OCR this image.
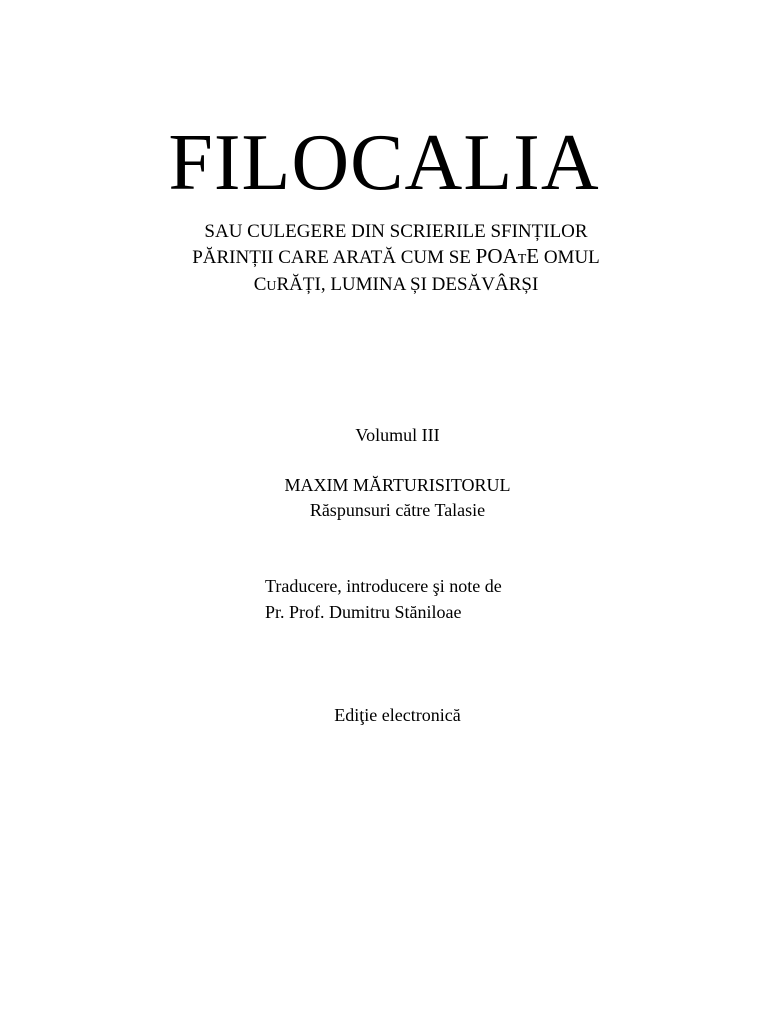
FILOCALIA
SAU CULEGERE DIN SCRIERILE SFINȚILOR
PĂRINȚII CARE ARATĂ CUM SE POATE OMUL
CURĂȚI, LUMINA ȘI DESĂVÂRȘI
Volumul III
MAXIM MĂRTURISITORUL
Răspunsuri către Talasie
Traducere, introducere şi note de
Pr. Prof. Dumitru Stăniloae
Ediţie electronică
